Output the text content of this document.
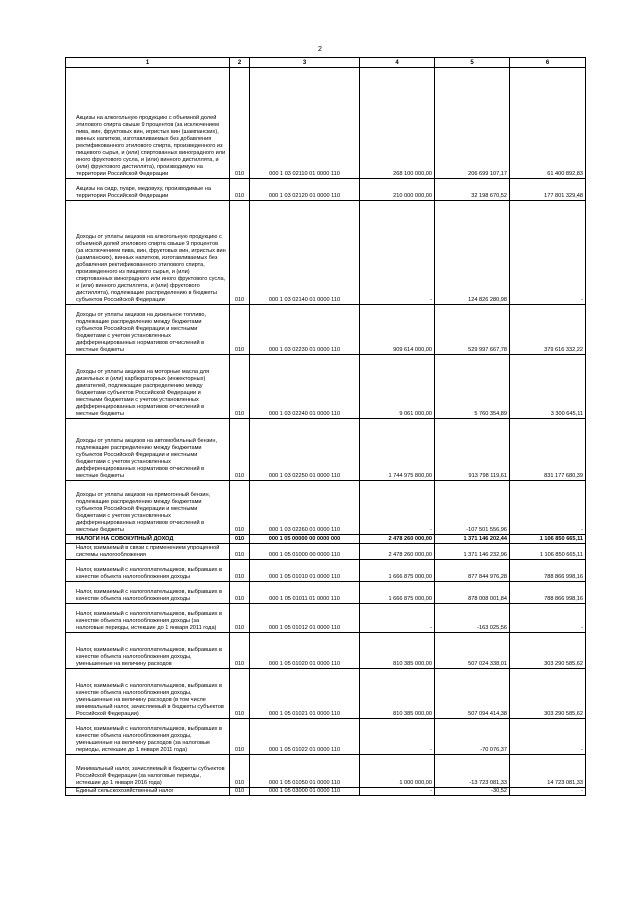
2
1	2	3	4	5	6

Акцизы на алкогольную продукцию с объемной долей этилового спирта свыше 9 процентов (за исключением пива, вин, фруктовых вин, игристых вин (шампанских), винных напитков, изготавливаемых без добавления ректификованного этилового спирта, произведенного из пищевого сырья, и (или) спиртованных виноградного или иного фруктового сусла, и (или) винного дистиллята, и (или) фруктового дистиллята), производимую на территории Российской Федерации	010	000 1 03 02110 01 0000 110	268 100 000,00	206 699 107,17	61 400 892,83

Акцизы на сидр, пуаре, медовуху, производимые на территории Российской Федерации	010	000 1 03 02120 01 0000 110	210 000 000,00	32 198 670,52	177 801 329,48

Доходы от уплаты акцизов на алкогольную продукцию с объемной долей этилового спирта свыше 9 процентов (за исключением пива, вин, фруктовых вин, игристых вин (шампанских), винных напитков, изготавливаемых без добавления ректификованного этилового спирта, произведенного из пищевого сырья, и (или) спиртованных виноградного или иного фруктового сусла, и (или) винного дистиллята, и (или) фруктового дистиллята), подлежащие распределению в бюджеты субъектов Российской Федерации	010	000 1 03 02140 01 0000 110	-	124 826 280,98	-

Доходы от уплаты акцизов на дизельное топливо, подлежащие распределению между бюджетами субъектов Российской Федерации и местными бюджетами с учетом установленных дифференцированных нормативов отчислений в местные бюджеты	010	000 1 03 02230 01 0000 110	909 614 000,00	529 997 667,78	379 616 332,22

Доходы от уплаты акцизов на моторные масла для дизельных и (или) карбюраторных (инжекторных) двигателей, подлежащие распределению между бюджетами субъектов Российской Федерации и местными бюджетами с учетом установленных дифференцированных нормативов отчислений в местные бюджеты	010	000 1 03 02240 01 0000 110	9 061 000,00	5 760 354,89	3 300 645,11

Доходы от уплаты акцизов на автомобильный бензин, подлежащие распределению между бюджетами субъектов Российской Федерации и местными бюджетами с учетом установленных дифференцированных нормативов отчислений в местные бюджеты	010	000 1 03 02250 01 0000 110	1 744 975 800,00	913 798 119,61	831 177 680,39

Доходы от уплаты акцизов на прямогонный бензин, подлежащие распределению между бюджетами субъектов Российской Федерации и местными бюджетами с учетом установленных дифференцированных нормативов отчислений в местные бюджеты	010	000 1 03 02260 01 0000 110	-	-107 501 556,96	-

НАЛОГИ НА СОВОКУПНЫЙ ДОХОД	010	000 1 05 00000 00 0000 000	2 478 260 000,00	1 371 146 202,44	1 106 850 665,11

Налог, взимаемый в связи с применением упрощенной системы налогообложения	010	000 1 05 01000 00 0000 110	2 478 260 000,00	1 371 146 232,96	1 106 850 665,11

Налог, взимаемый с налогоплательщиков, выбравших в качестве объекта налогообложения доходы	010	000 1 05 01010 01 0000 110	1 666 875 000,00	877 844 976,28	788 866 998,16

Налог, взимаемый с налогоплательщиков, выбравших в качестве объекта налогообложения доходы	010	000 1 05 01011 01 0000 110	1 666 875 000,00	878 008 001,84	788 866 998,16

Налог, взимаемый с налогоплательщиков, выбравших в качестве объекта налогообложения доходы (за налоговые периоды, истекшие до 1 января 2011 года)	010	000 1 05 01012 01 0000 110	-	-163 025,56	-

Налог, взимаемый с налогоплательщиков, выбравших в качестве объекта налогообложения доходы, уменьшенные на величину расходов	010	000 1 05 01020 01 0000 110	810 385 000,00	507 024 338,01	303 290 585,62

Налог, взимаемый с налогоплательщиков, выбравших в качестве объекта налогообложения доходы, уменьшенные на величину расходов (в том числе минимальный налог, зачисляемый в бюджеты субъектов Российской Федерации)	010	000 1 05 01021 01 0000 110	810 385 000,00	507 094 414,38	303 290 585,62

Налог, взимаемый с налогоплательщиков, выбравших в качестве объекта налогообложения доходы, уменьшенные на величину расходов (за налоговые периоды, истекшие до 1 января 2011 года)	010	000 1 05 01022 01 0000 110	-	-70 076,37	-

Минимальный налог, зачисляемый в бюджеты субъектов Российской Федерации (за налоговые периоды, истекшие до 1 января 2016 года)	010	000 1 05 01050 01 0000 110	1 000 000,00	-13 723 081,33	14 723 081,33

Единый сельскохозяйственный налог	010	000 1 05 03000 01 0000 110	-	-30,52	-
